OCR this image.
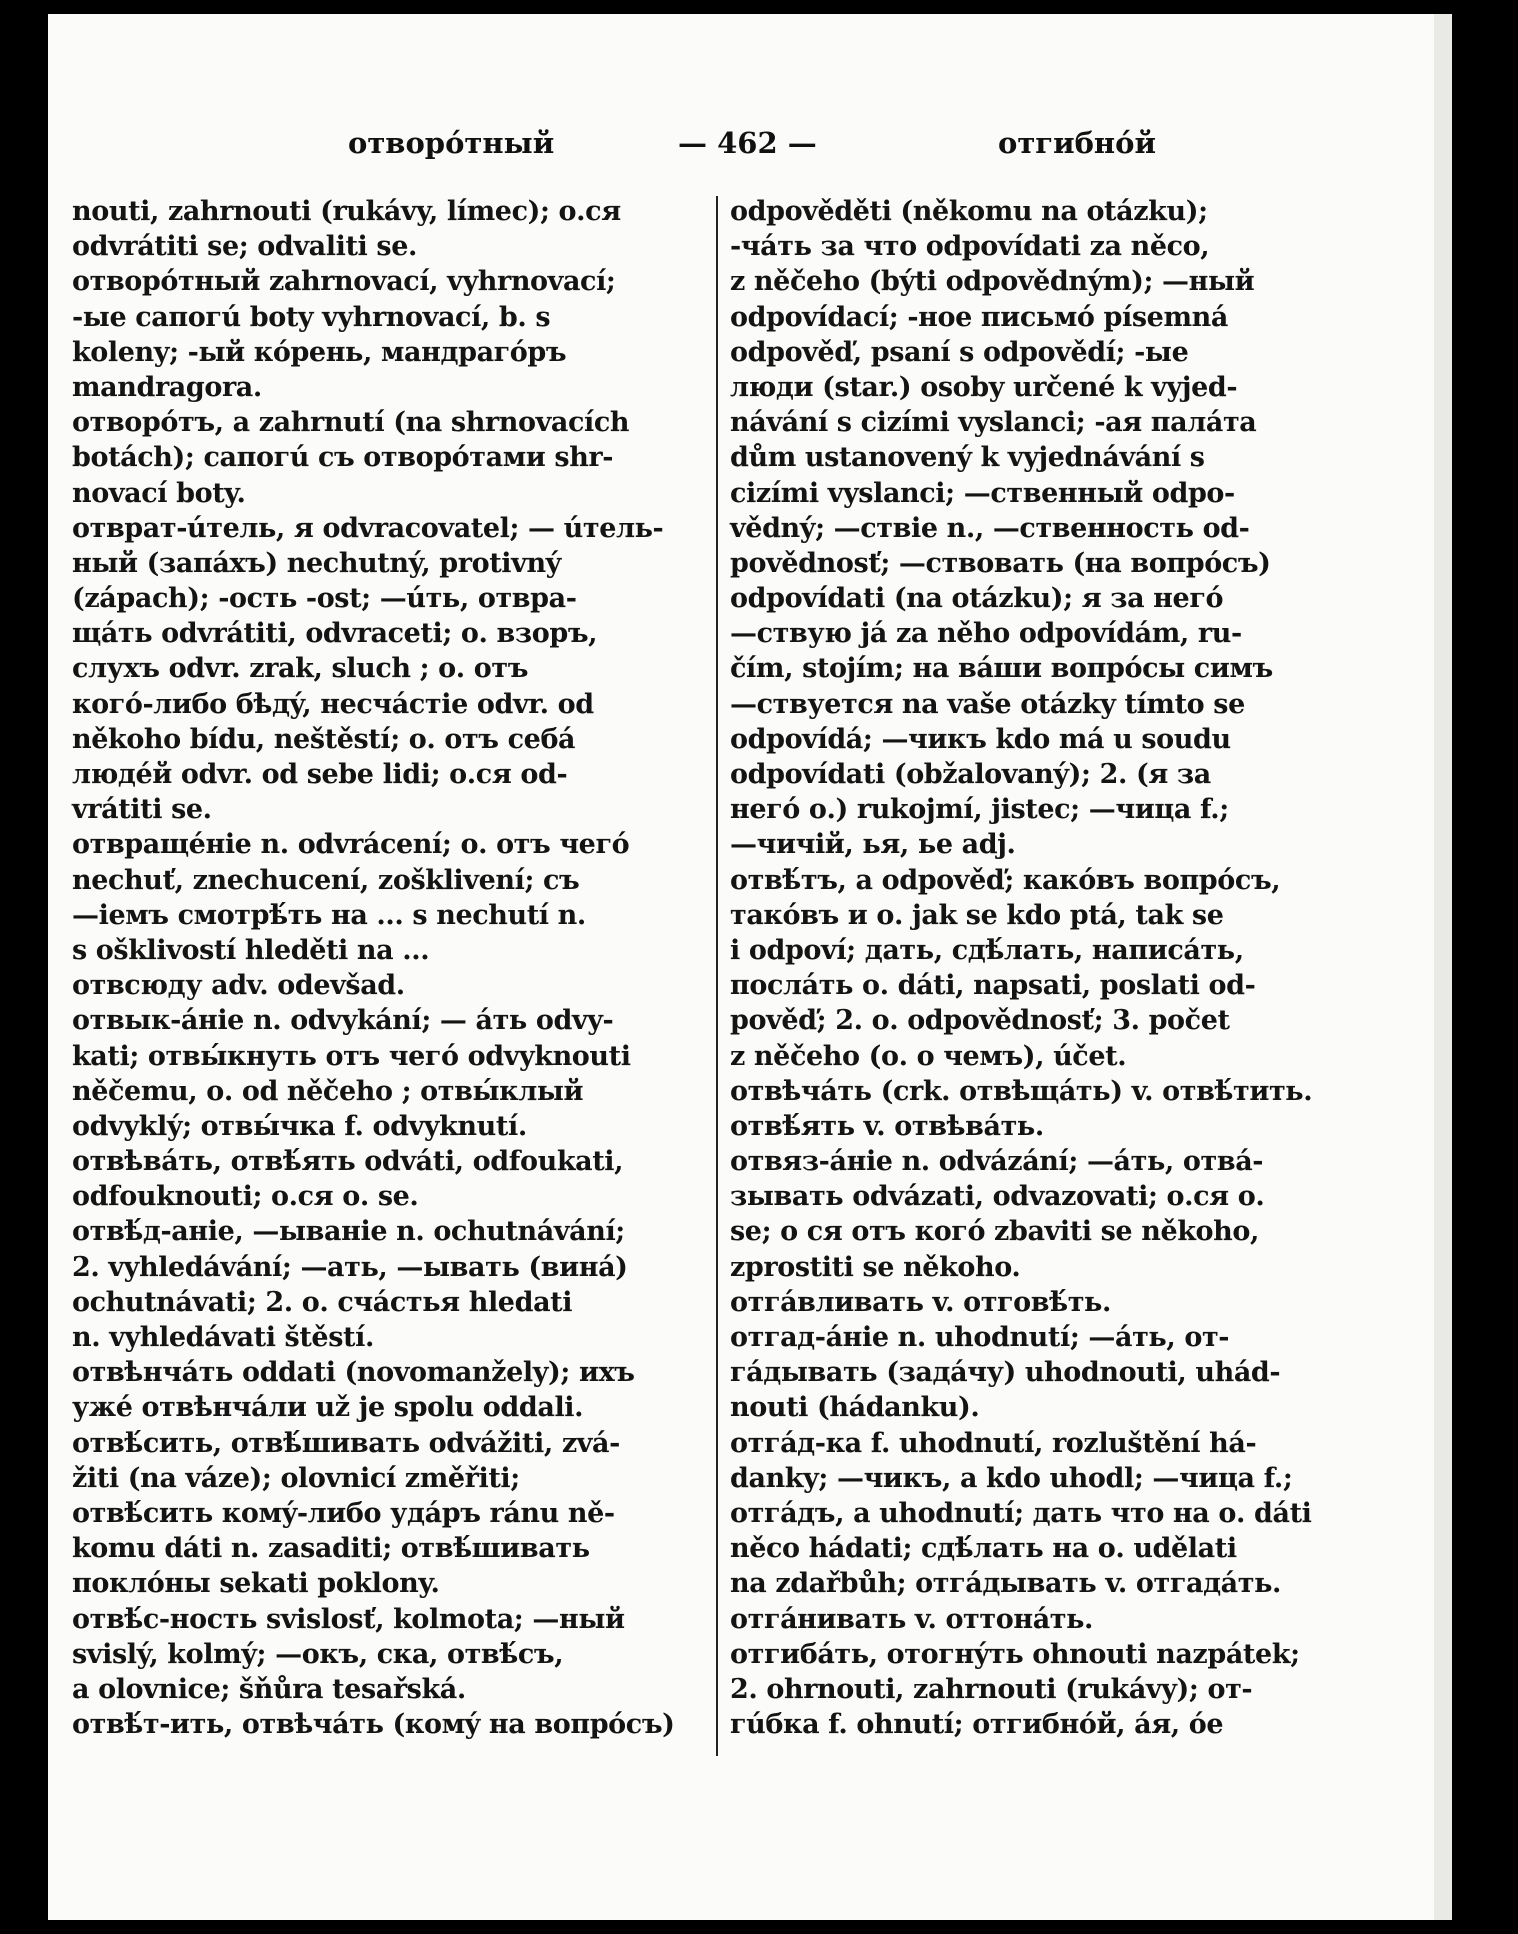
отворóтный	— 462 —	отгибнóй
nouti, zahrnouti (rukávy, límec); о.ся
odvrátiti se; odvaliti se.
отворóтный zahrnovací, vyhrnovací;
-ые сапогú boty vyhrnovací, b. s
koleny; -ый кóрень, мандрагóръ
mandragora.
отворóтъ, a zahrnutí (na shrnovacích
botách); сапогú съ отворóтами shr-
novací boty.
отврат-úтель, я odvracovatel; — úтель-
ный (запáхъ) nechutný, protivný
(zápach); -ость -ost; —úть, отвра-
щáть odvrátiti, odvraceti; о. взоръ,
слухъ odvr. zrak, sluch ; о. отъ
когó-либо бѣдý, несчáстіе odvr. od
někoho bídu, neštěstí; о. отъ себá
людéй odvr. od sebe lidi; о.ся od-
vrátiti se.
отвращéніе n. odvrácení; о. отъ чегó
nechuť, znechucení, zošklivení; съ
—іемъ смотрѣ́ть на ... s nechutí n.
s ošklivostí hleděti na ...
отвсюду adv. odevšad.
отвык-áніе n. odvykání; — áть odvy-
kati; отвы́кнуть отъ чегó odvyknouti
něčemu, о. od něčeho ; отвы́клый
odvyklý; отвы́чка f. odvyknutí.
отвѣвáть, отвѣ́ять odváti, odfoukati,
odfouknouti; о.ся о. se.
отвѣ́д-аніе, —ываніе n. ochutnávání;
2. vyhledávání; —ать, —ывать (винá)
ochutnávati; 2. о. счáстья hledati
n. vyhledávati štěstí.
отвѣнчáть oddati (novomanžely); ихъ
ужé отвѣнчáли už je spolu oddali.
отвѣ́сить, отвѣ́шивать odvážiti, zvá-
žiti (na váze); olovnicí změřiti;
отвѣ́сить комý-либо удáръ ránu ně-
komu dáti n. zasaditi; отвѣ́шивать
поклóны sekati poklony.
отвѣ́с-ность svislosť, kolmota; —ный
svislý, kolmý; —окъ, ска, отвѣ́съ,
a olovnice; šňůra tesařská.
отвѣ́т-ить, отвѣчáть (комý на вопрóсъ)
odpověděti (někomu na otázku);
-чáть за что odpovídati za něco,
z něčeho (býti odpovědným); —ный
odpovídací; -ное письмó písemná
odpověď, psaní s odpovědí; -ые
люди (star.) osoby určené k vyjed-
návání s cizími vyslanci; -ая палáта
dům ustanovený k vyjednávání s
cizími vyslanci; —ственный odpo-
vědný; —ствіе n., —ственность od-
povědnosť; —ствовать (на вопрóсъ)
odpovídati (na otázku); я за негó
—ствую já za něho odpovídám, ru-
čím, stojím; на вáши вопрóсы симъ
—ствуется na vaše otázky tímto se
odpovídá; —чикъ kdo má u soudu
odpovídati (obžalovaný); 2. (я за
негó о.) rukojmí, jistec; —чица f.;
—чичій, ья, ье adj.
отвѣ́тъ, a odpověď; какóвъ вопрóсъ,
такóвъ и о. jak se kdo ptá, tak se
i odpoví; дать, сдѣ́лать, написáть,
послáть о. dáti, napsati, poslati od-
pověď; 2. о. odpovědnosť; 3. počet
z něčeho (о. о чемъ), účet.
отвѣчáть (crk. отвѣщáть) v. отвѣ́тить.
отвѣ́ять v. отвѣвáть.
отвяз-áніе n. odvázání; —áть, отвá-
зывать odvázati, odvazovati; о.ся о.
se; о ся отъ когó zbaviti se někoho,
zprostiti se někoho.
отгáвливать v. отговѣ́ть.
отгад-áніе n. uhodnutí; —áть, от-
гáдывать (задáчу) uhodnouti, uhád-
nouti (hádanku).
отгáд-ка f. uhodnutí, rozluštění há-
danky; —чикъ, a kdo uhodl; —чица f.;
отгáдъ, a uhodnutí; дать что на о. dáti
něco hádati; сдѣ́лать на о. udělati
na zdařbůh; отгáдывать v. отгадáть.
отгáнивать v. оттонáть.
отгибáть, отогнýть ohnouti nazpátek;
2. ohrnouti, zahrnouti (rukávy); от-
гúбка f. ohnutí; отгибнóй, áя, óе
